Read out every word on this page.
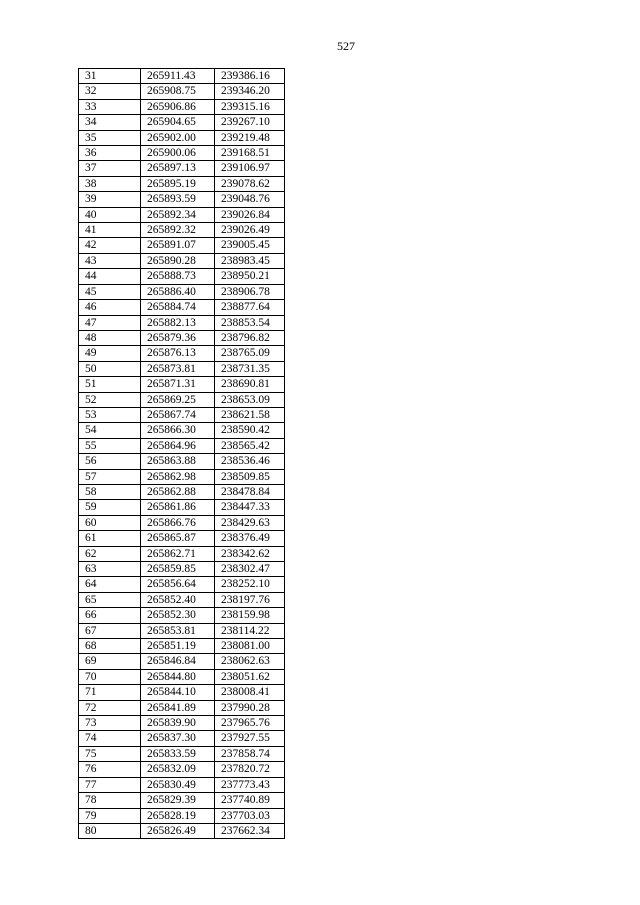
527
31	265911.43	239386.16
32	265908.75	239346.20
33	265906.86	239315.16
34	265904.65	239267.10
35	265902.00	239219.48
36	265900.06	239168.51
37	265897.13	239106.97
38	265895.19	239078.62
39	265893.59	239048.76
40	265892.34	239026.84
41	265892.32	239026.49
42	265891.07	239005.45
43	265890.28	238983.45
44	265888.73	238950.21
45	265886.40	238906.78
46	265884.74	238877.64
47	265882.13	238853.54
48	265879.36	238796.82
49	265876.13	238765.09
50	265873.81	238731.35
51	265871.31	238690.81
52	265869.25	238653.09
53	265867.74	238621.58
54	265866.30	238590.42
55	265864.96	238565.42
56	265863.88	238536.46
57	265862.98	238509.85
58	265862.88	238478.84
59	265861.86	238447.33
60	265866.76	238429.63
61	265865.87	238376.49
62	265862.71	238342.62
63	265859.85	238302.47
64	265856.64	238252.10
65	265852.40	238197.76
66	265852.30	238159.98
67	265853.81	238114.22
68	265851.19	238081.00
69	265846.84	238062.63
70	265844.80	238051.62
71	265844.10	238008.41
72	265841.89	237990.28
73	265839.90	237965.76
74	265837.30	237927.55
75	265833.59	237858.74
76	265832.09	237820.72
77	265830.49	237773.43
78	265829.39	237740.89
79	265828.19	237703.03
80	265826.49	237662.34
